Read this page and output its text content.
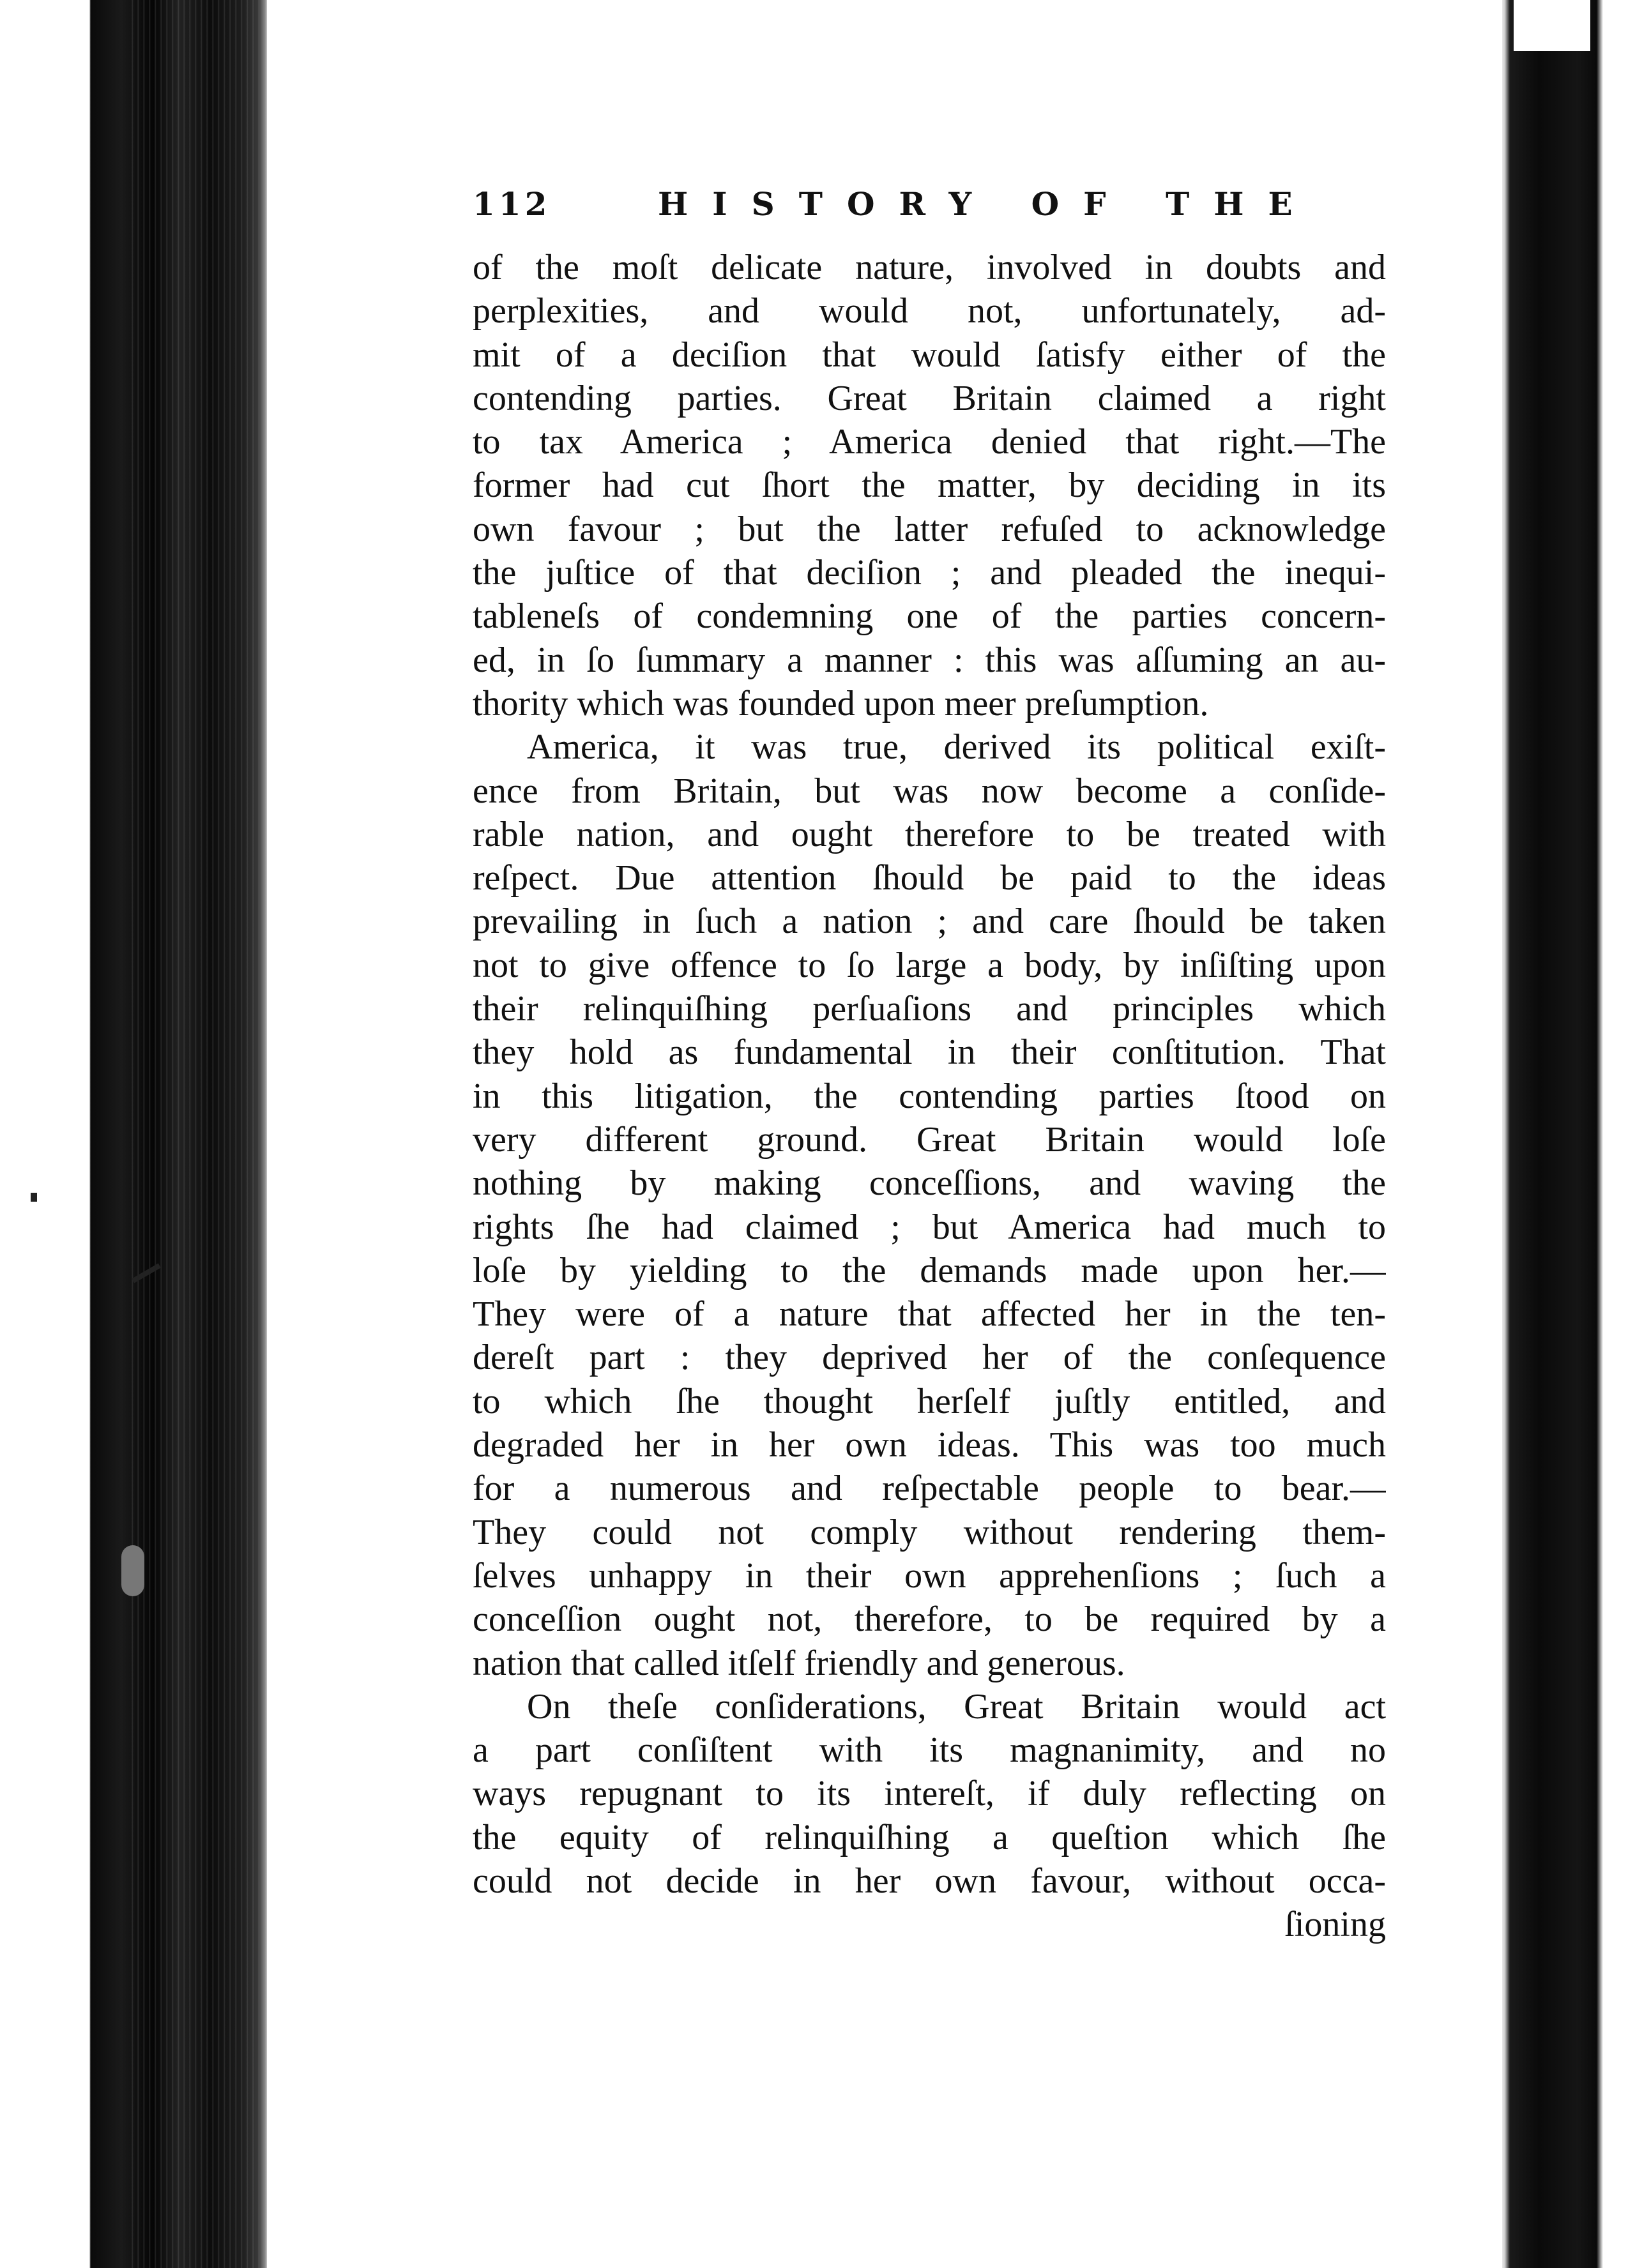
112	HISTORY OF THE
of the moſt delicate nature, involved in doubts and
perplexities, and would not, unfortunately, ad-
mit of a deciſion that would ſatisfy either of the
contending parties. Great Britain claimed a right
to tax America ; America denied that right.—The
former had cut ſhort the matter, by deciding in its
own favour ; but the latter refuſed to acknowledge
the juſtice of that deciſion ; and pleaded the inequi-
tableneſs of condemning one of the parties concern-
ed, in ſo ſummary a manner : this was aſſuming an au-
thority which was founded upon meer preſumption.
America, it was true, derived its political exiſt-
ence from Britain, but was now become a conſide-
rable nation, and ought therefore to be treated with
reſpect. Due attention ſhould be paid to the ideas
prevailing in ſuch a nation ; and care ſhould be taken
not to give offence to ſo large a body, by inſiſting upon
their relinquiſhing perſuaſions and principles which
they hold as fundamental in their conſtitution. That
in this litigation, the contending parties ſtood on
very different ground. Great Britain would loſe
nothing by making conceſſions, and waving the
rights ſhe had claimed ; but America had much to
loſe by yielding to the demands made upon her.—
They were of a nature that affected her in the ten-
dereſt part : they deprived her of the conſequence
to which ſhe thought herſelf juſtly entitled, and
degraded her in her own ideas. This was too much
for a numerous and reſpectable people to bear.—
They could not comply without rendering them-
ſelves unhappy in their own apprehenſions ; ſuch a
conceſſion ought not, therefore, to be required by a
nation that called itſelf friendly and generous.
On theſe conſiderations, Great Britain would act
a part conſiſtent with its magnanimity, and no
ways repugnant to its intereſt, if duly reflecting on
the equity of relinquiſhing a queſtion which ſhe
could not decide in her own favour, without occa-
ſioning
